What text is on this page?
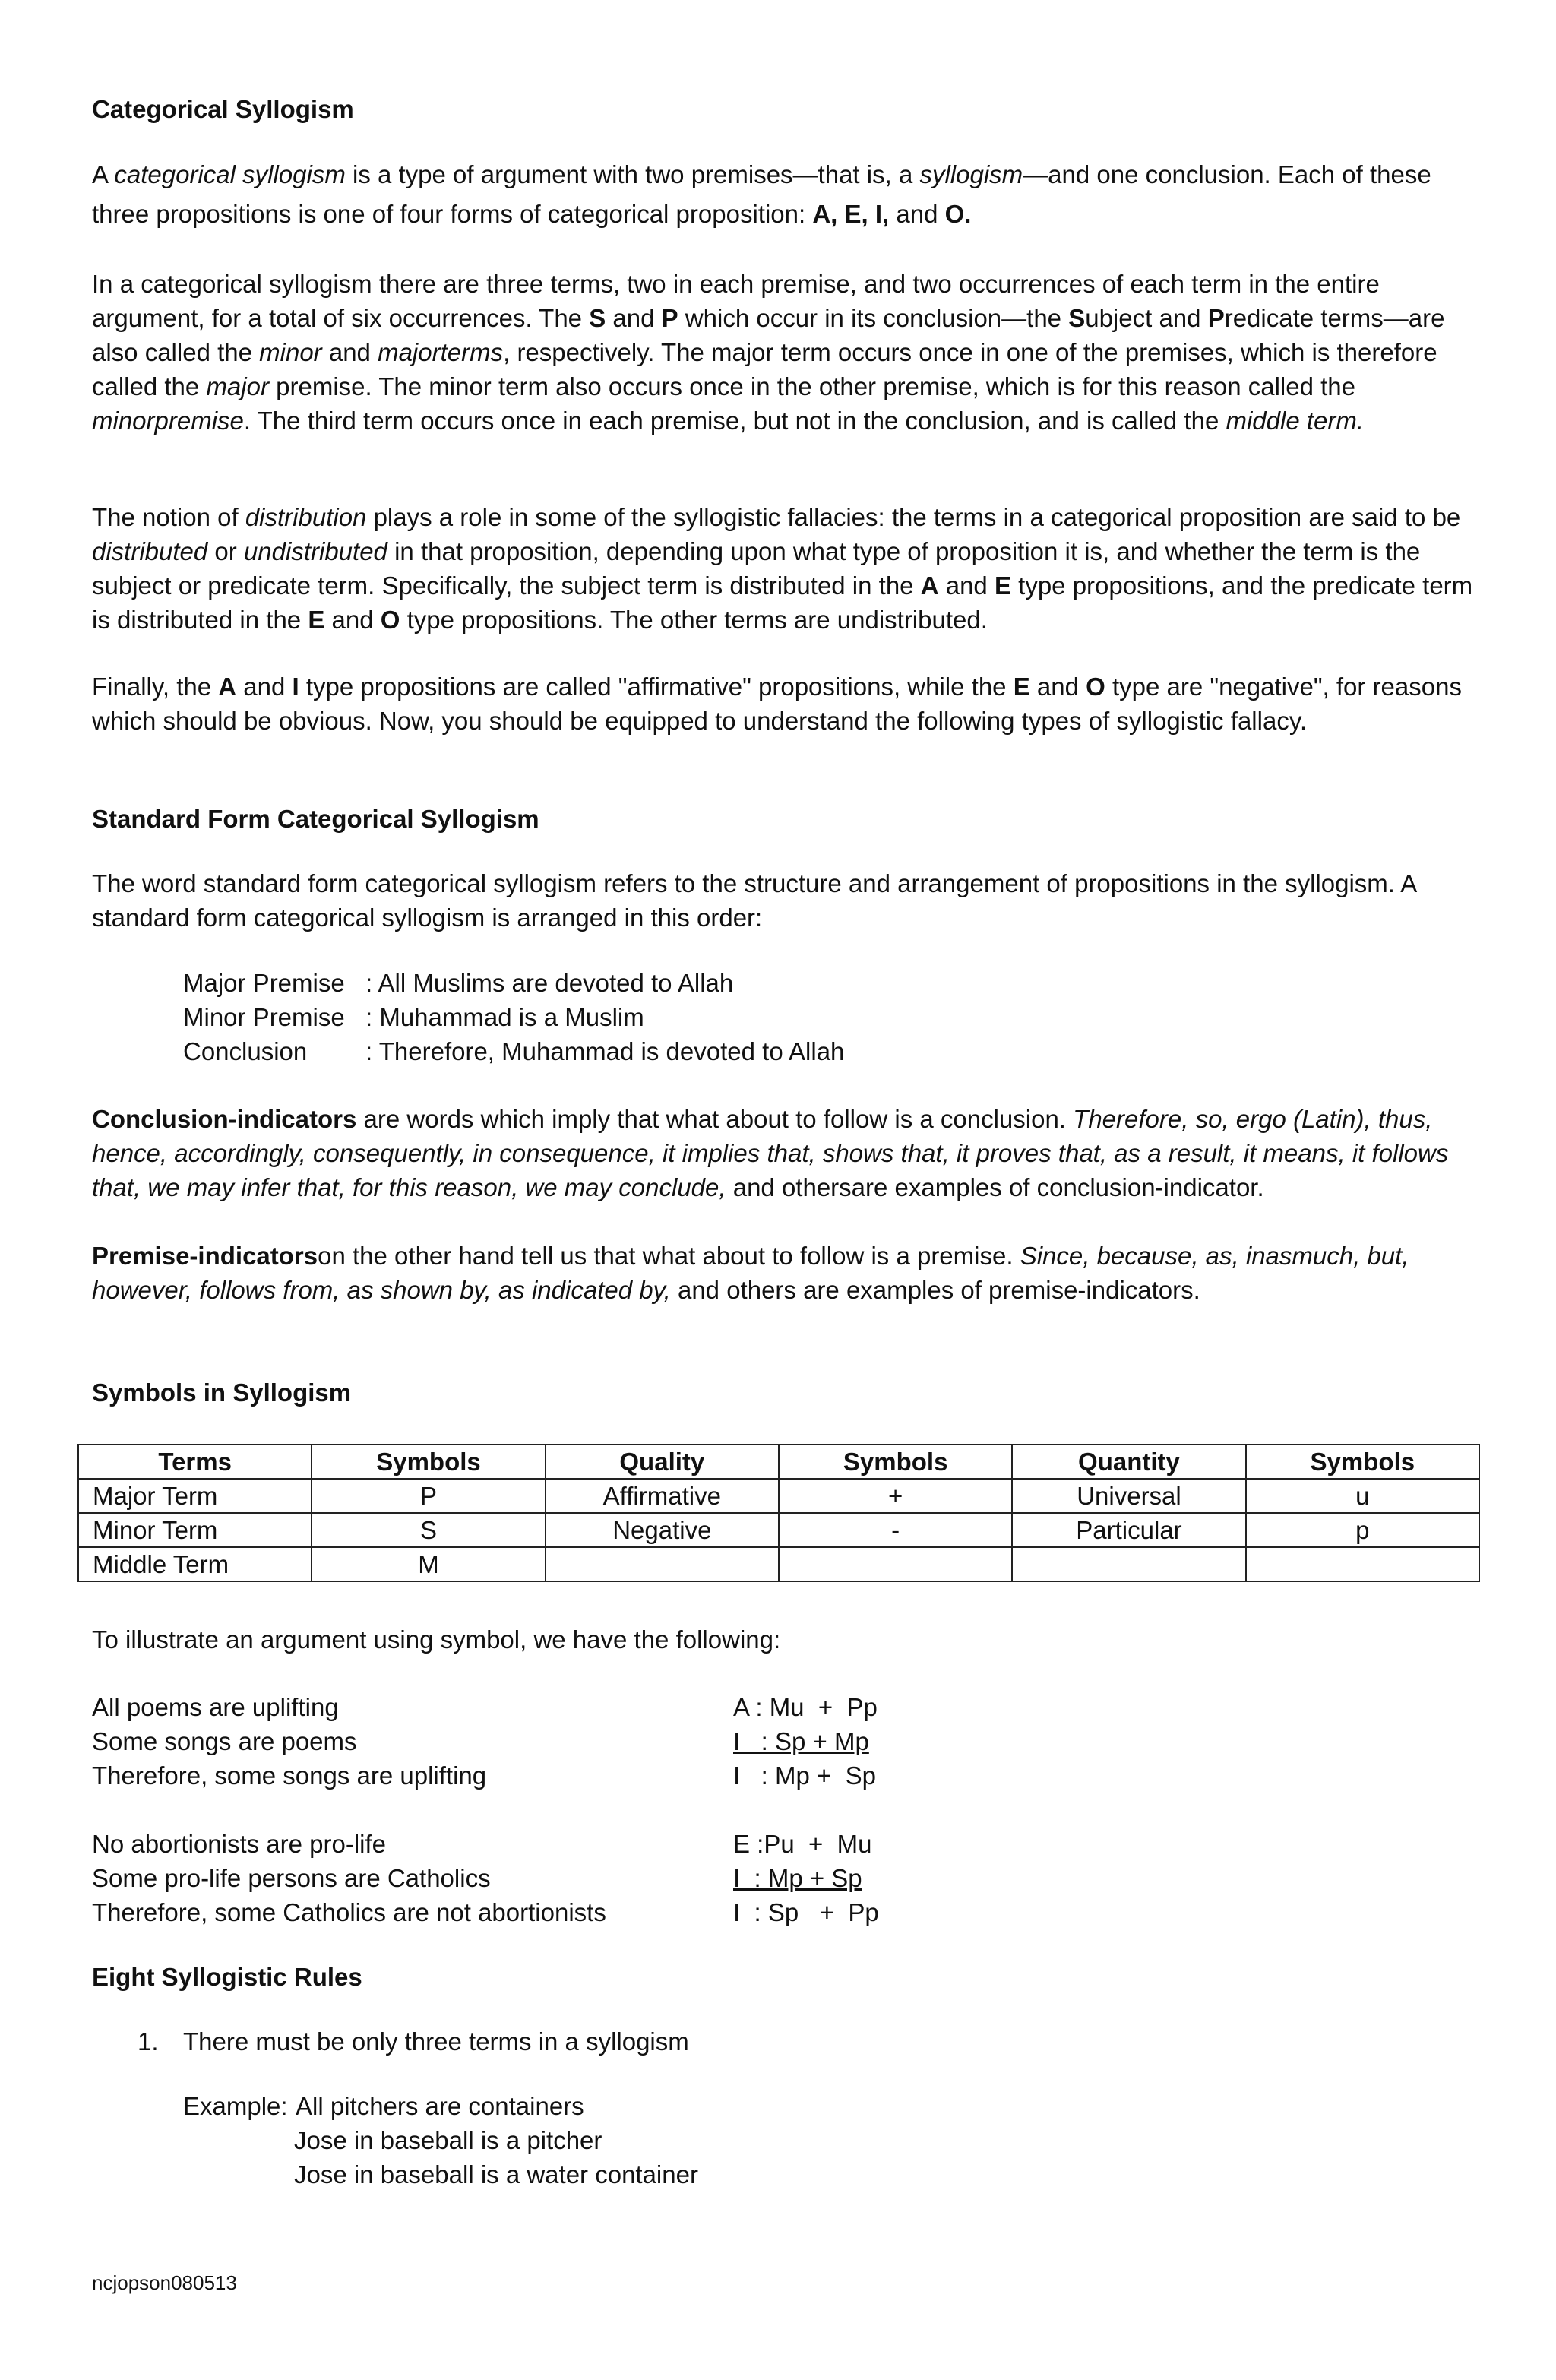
Categorical Syllogism
A categorical syllogism is a type of argument with two premises—that is, a syllogism—and one conclusion. Each of these three propositions is one of four forms of categorical proposition: A, E, I, and O.
In a categorical syllogism there are three terms, two in each premise, and two occurrences of each term in the entire argument, for a total of six occurrences. The S and P which occur in its conclusion—the Subject and Predicate terms—are also called the minor and majorterms, respectively. The major term occurs once in one of the premises, which is therefore called the major premise. The minor term also occurs once in the other premise, which is for this reason called the minorpremise. The third term occurs once in each premise, but not in the conclusion, and is called the middle term.
The notion of distribution plays a role in some of the syllogistic fallacies: the terms in a categorical proposition are said to be distributed or undistributed in that proposition, depending upon what type of proposition it is, and whether the term is the subject or predicate term. Specifically, the subject term is distributed in the A and E type propositions, and the predicate term is distributed in the E and O type propositions. The other terms are undistributed.
Finally, the A and I type propositions are called "affirmative" propositions, while the E and O type are "negative", for reasons which should be obvious. Now, you should be equipped to understand the following types of syllogistic fallacy.
Standard Form Categorical Syllogism
The word standard form categorical syllogism refers to the structure and arrangement of propositions in the syllogism. A standard form categorical syllogism is arranged in this order:
Major Premise : All Muslims are devoted to Allah
Minor Premise : Muhammad is a Muslim
Conclusion : Therefore, Muhammad is devoted to Allah
Conclusion-indicators are words which imply that what about to follow is a conclusion. Therefore, so, ergo (Latin), thus, hence, accordingly, consequently, in consequence, it implies that, shows that, it proves that, as a result, it means, it follows that, we may infer that, for this reason, we may conclude, and othersare examples of conclusion-indicator.
Premise-indicatorson the other hand tell us that what about to follow is a premise. Since, because, as, inasmuch, but, however, follows from, as shown by, as indicated by, and others are examples of premise-indicators.
Symbols in Syllogism
Terms	Symbols	Quality	Symbols	Quantity	Symbols
Major Term	P	Affirmative	+	Universal	u
Minor Term	S	Negative	-	Particular	p
Middle Term	M				
To illustrate an argument using symbol, we have the following:
All poems are uplifting	A : Mu  +  Pp
Some songs are poems	I   : Sp + Mp
Therefore, some songs are uplifting	I   : Mp +  Sp
No abortionists are pro-life	E :Pu  +  Mu
Some pro-life persons are Catholics	I  : Mp + Sp
Therefore, some Catholics are not abortionists	I  : Sp   +  Pp
Eight Syllogistic Rules
1. There must be only three terms in a syllogism
Example: All pitchers are containers
Jose in baseball is a pitcher
Jose in baseball is a water container
ncjopson080513
